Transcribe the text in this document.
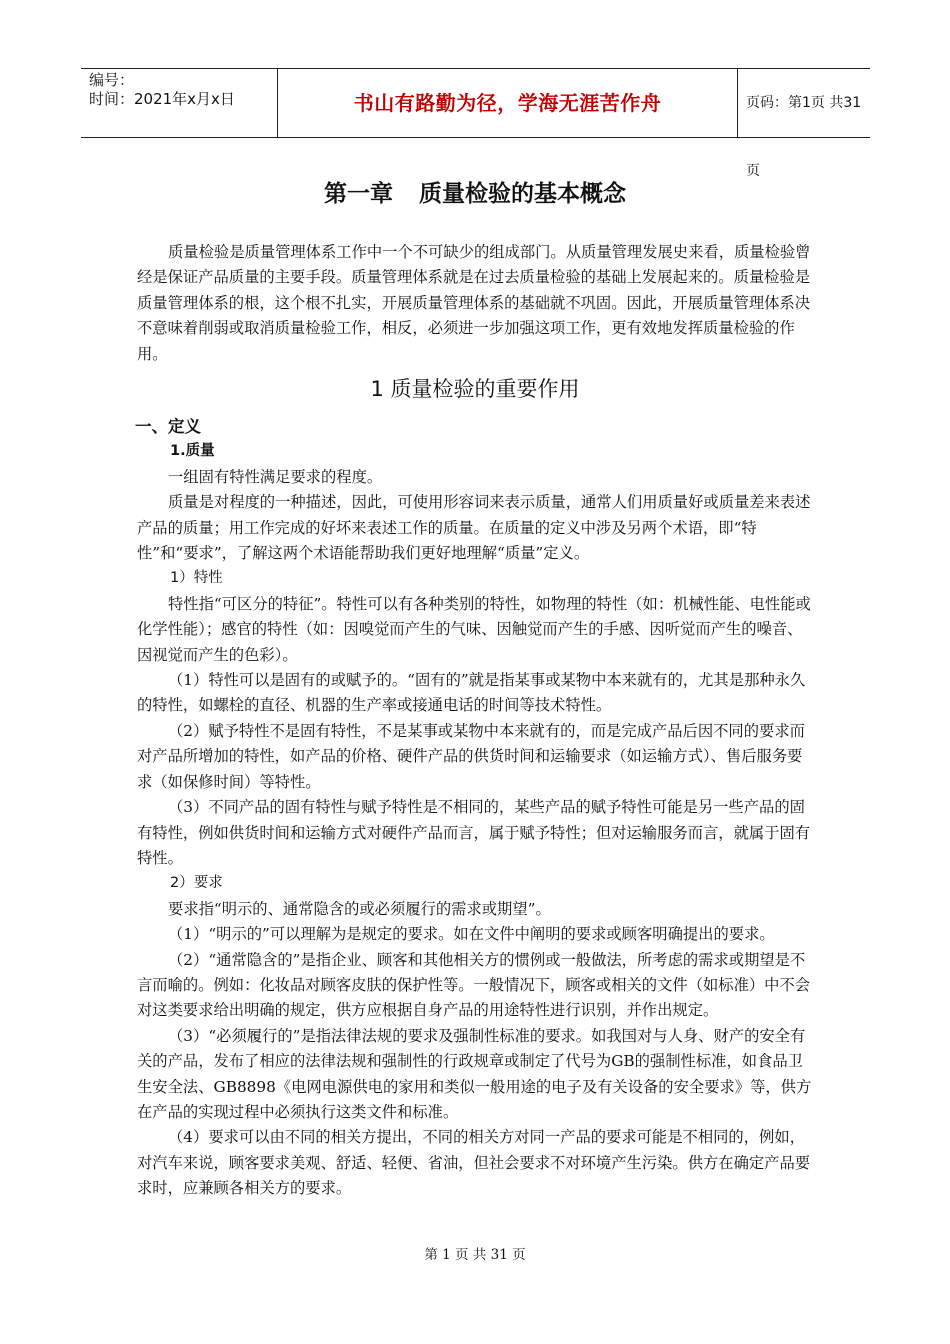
编号：
时间：2021年x月x日	书山有路勤为径，学海无涯苦作舟	页码：第1页 共31页
第一章 质量检验的基本概念

质量检验是质量管理体系工作中一个不可缺少的组成部门。从质量管理发展史来看，质量检验曾经是保证产品质量的主要手段。质量管理体系就是在过去质量检验的基础上发展起来的。质量检验是质量管理体系的根，这个根不扎实，开展质量管理体系的基础就不巩固。因此，开展质量管理体系决不意味着削弱或取消质量检验工作，相反，必须进一步加强这项工作，更有效地发挥质量检验的作用。

1 质量检验的重要作用

一、定义

1.质量

一组固有特性满足要求的程度。

质量是对程度的一种描述，因此，可使用形容词来表示质量，通常人们用质量好或质量差来表述产品的质量；用工作完成的好坏来表述工作的质量。在质量的定义中涉及另两个术语，即“特性”和“要求”，了解这两个术语能帮助我们更好地理解“质量”定义。

1）特性

特性指“可区分的特征”。特性可以有各种类别的特性，如物理的特性（如：机械性能、电性能或化学性能）；感官的特性（如：因嗅觉而产生的气味、因触觉而产生的手感、因听觉而产生的噪音、因视觉而产生的色彩）。

（1）特性可以是固有的或赋予的。“固有的”就是指某事或某物中本来就有的，尤其是那种永久的特性，如螺栓的直径、机器的生产率或接通电话的时间等技术特性。

（2）赋予特性不是固有特性，不是某事或某物中本来就有的，而是完成产品后因不同的要求而对产品所增加的特性，如产品的价格、硬件产品的供货时间和运输要求（如运输方式）、售后服务要求（如保修时间）等特性。

（3）不同产品的固有特性与赋予特性是不相同的，某些产品的赋予特性可能是另一些产品的固有特性，例如供货时间和运输方式对硬件产品而言，属于赋予特性；但对运输服务而言，就属于固有特性。

2）要求

要求指“明示的、通常隐含的或必须履行的需求或期望”。

（1）“明示的”可以理解为是规定的要求。如在文件中阐明的要求或顾客明确提出的要求。

（2）“通常隐含的”是指企业、顾客和其他相关方的惯例或一般做法，所考虑的需求或期望是不言而喻的。例如：化妆品对顾客皮肤的保护性等。一般情况下，顾客或相关的文件（如标准）中不会对这类要求给出明确的规定，供方应根据自身产品的用途特性进行识别，并作出规定。

（3）“必须履行的”是指法律法规的要求及强制性标准的要求。如我国对与人身、财产的安全有关的产品，发布了相应的法律法规和强制性的行政规章或制定了代号为GB的强制性标准，如食品卫生安全法、GB8898《电网电源供电的家用和类似一般用途的电子及有关设备的安全要求》等，供方在产品的实现过程中必须执行这类文件和标准。

（4）要求可以由不同的相关方提出，不同的相关方对同一产品的要求可能是不相同的，例如，对汽车来说，顾客要求美观、舒适、轻便、省油，但社会要求不对环境产生污染。供方在确定产品要求时，应兼顾各相关方的要求。

第 1 页 共 31 页
